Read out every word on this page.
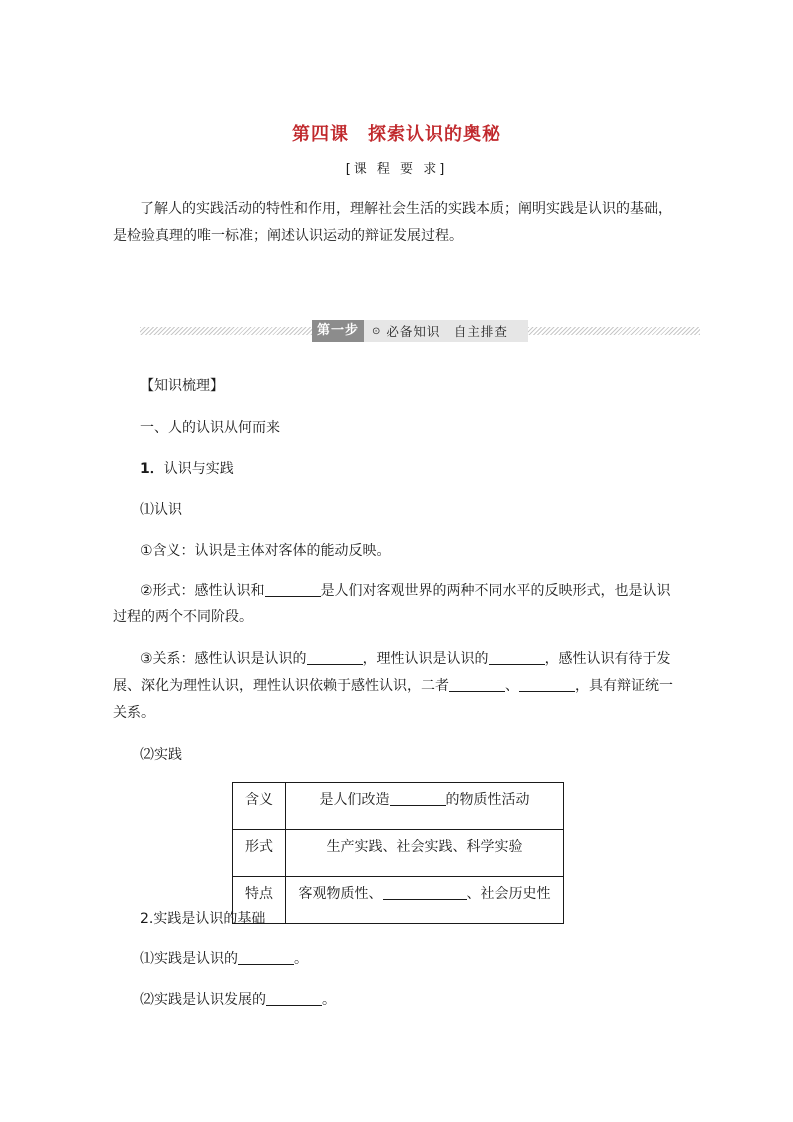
第四课　探索认识的奥秘
[课 程 要 求]
了解人的实践活动的特性和作用，理解社会生活的实践本质；阐明实践是认识的基础，
是检验真理的唯一标准；阐述认识运动的辩证发展过程。
第一步	⊙ 必备知识　自主排查
【知识梳理】
一、人的认识从何而来
1．认识与实践
⑴认识
①含义：认识是主体对客体的能动反映。
②形式：感性认识和	是人们对客观世界的两种不同水平的反映形式，也是认识
过程的两个不同阶段。
③关系：感性认识是认识的	，理性认识是认识的	，感性认识有待于发
展、深化为理性认识，理性认识依赖于感性认识，二者	、	，具有辩证统一
关系。
⑵实践
含义	是人们改造 的物质性活动
形式	生产实践、社会实践、科学实验
特点	客观物质性、 、社会历史性
2.实践是认识的基础
⑴实践是认识的	。
⑵实践是认识发展的	。
